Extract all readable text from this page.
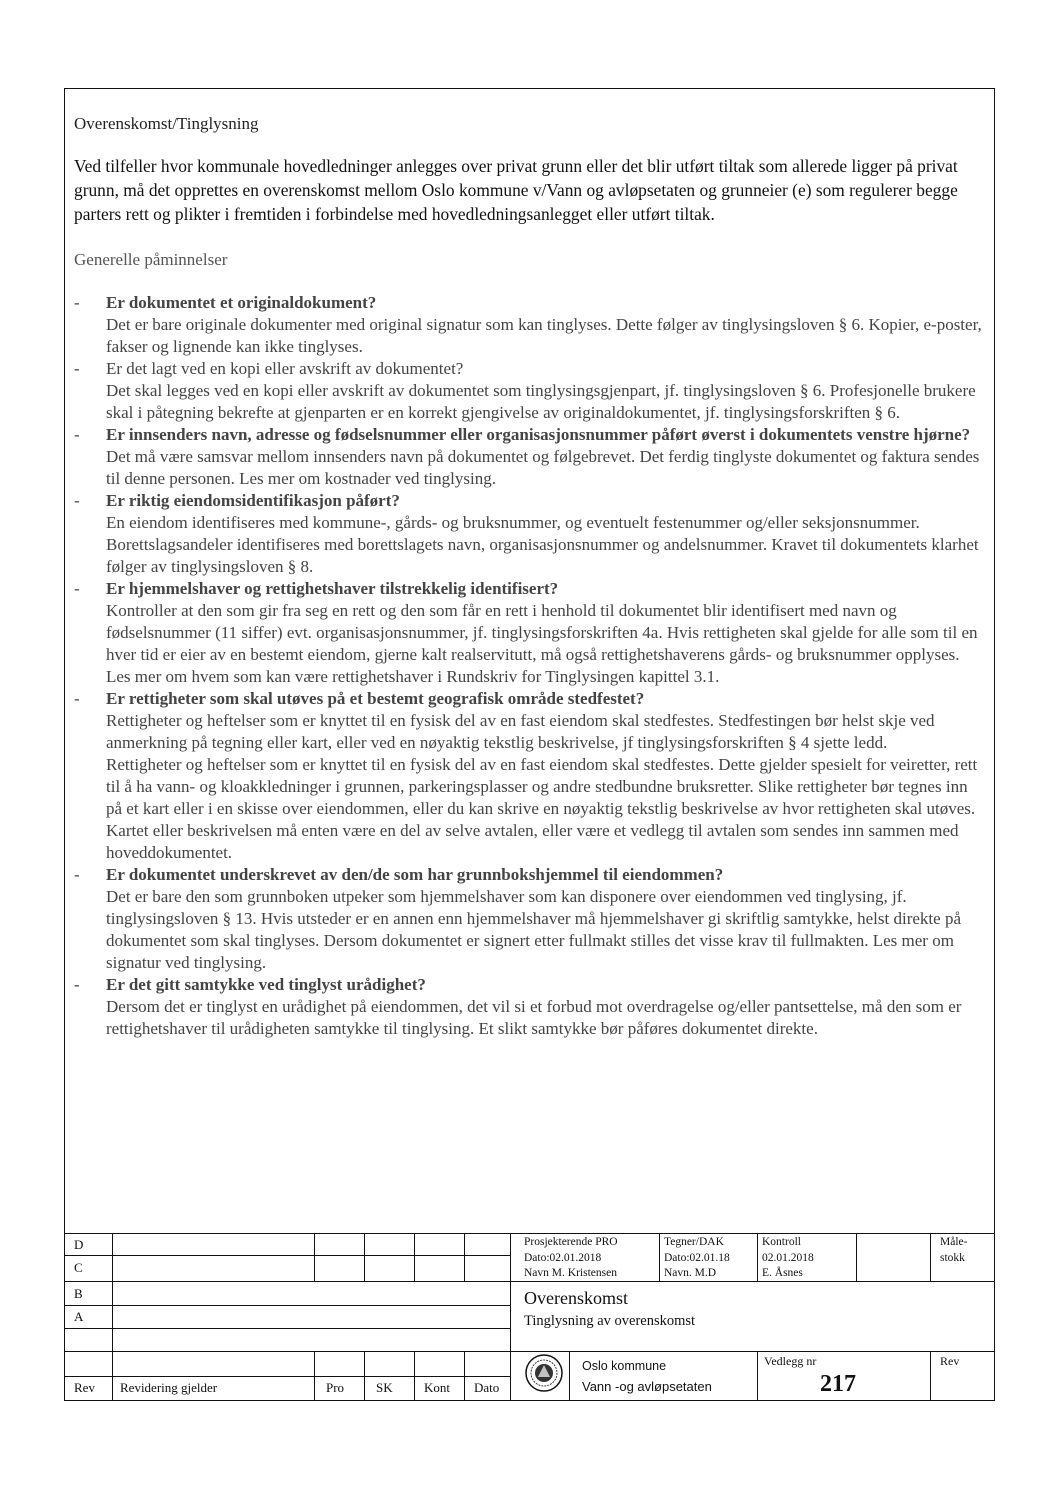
Overenskomst/Tinglysning
Ved tilfeller hvor kommunale hovedledninger anlegges over privat grunn eller det blir utført tiltak som allerede ligger på privat grunn, må det opprettes en overenskomst mellom Oslo kommune v/Vann og avløpsetaten og grunneier (e) som regulerer begge parters rett og plikter i fremtiden i forbindelse med hovedledningsanlegget eller utført tiltak.
Generelle påminnelser
- Er dokumentet et originaldokument?
Det er bare originale dokumenter med original signatur som kan tinglyses. Dette følger av tinglysingsloven § 6. Kopier, e-poster, fakser og lignende kan ikke tinglyses.
- Er det lagt ved en kopi eller avskrift av dokumentet?
Det skal legges ved en kopi eller avskrift av dokumentet som tinglysingsgjenpart, jf. tinglysingsloven § 6. Profesjonelle brukere skal i påtegning bekrefte at gjenparten er en korrekt gjengivelse av originaldokumentet, jf. tinglysingsforskriften § 6.
- Er innsenders navn, adresse og fødselsnummer eller organisasjonsnummer påført øverst i dokumentets venstre hjørne?
Det må være samsvar mellom innsenders navn på dokumentet og følgebrevet. Det ferdig tinglyste dokumentet og faktura sendes til denne personen. Les mer om kostnader ved tinglysing.
- Er riktig eiendomsidentifikasjon påført?
En eiendom identifiseres med kommune-, gårds- og bruksnummer, og eventuelt festenummer og/eller seksjonsnummer. Borettslagsandeler identifiseres med borettslagets navn, organisasjonsnummer og andelsnummer. Kravet til dokumentets klarhet følger av tinglysingsloven § 8.
- Er hjemmelshaver og rettighetshaver tilstrekkelig identifisert?
Kontroller at den som gir fra seg en rett og den som får en rett i henhold til dokumentet blir identifisert med navn og fødselsnummer (11 siffer) evt. organisasjonsnummer, jf. tinglysingsforskriften 4a. Hvis rettigheten skal gjelde for alle som til en hver tid er eier av en bestemt eiendom, gjerne kalt realservitutt, må også rettighetshaverens gårds- og bruksnummer opplyses. Les mer om hvem som kan være rettighetshaver i Rundskriv for Tinglysingen kapittel 3.1.
- Er rettigheter som skal utøves på et bestemt geografisk område stedfestet?
Rettigheter og heftelser som er knyttet til en fysisk del av en fast eiendom skal stedfestes. Stedfestingen bør helst skje ved anmerkning på tegning eller kart, eller ved en nøyaktig tekstlig beskrivelse, jf tinglysingsforskriften § 4 sjette ledd.
Rettigheter og heftelser som er knyttet til en fysisk del av en fast eiendom skal stedfestes. Dette gjelder spesielt for veiretter, rett til å ha vann- og kloakkledninger i grunnen, parkeringsplasser og andre stedbundne bruksretter. Slike rettigheter bør tegnes inn på et kart eller i en skisse over eiendommen, eller du kan skrive en nøyaktig tekstlig beskrivelse av hvor rettigheten skal utøves. Kartet eller beskrivelsen må enten være en del av selve avtalen, eller være et vedlegg til avtalen som sendes inn sammen med hoveddokumentet.
- Er dokumentet underskrevet av den/de som har grunnbokshjemmel til eiendommen?
Det er bare den som grunnboken utpeker som hjemmelshaver som kan disponere over eiendommen ved tinglysing, jf. tinglysingsloven § 13. Hvis utsteder er en annen enn hjemmelshaver må hjemmelshaver gi skriftlig samtykke, helst direkte på dokumentet som skal tinglyses. Dersom dokumentet er signert etter fullmakt stilles det visse krav til fullmakten. Les mer om signatur ved tinglysing.
- Er det gitt samtykke ved tinglyst urådighet?
Dersom det er tinglyst en urådighet på eiendommen, det vil si et forbud mot overdragelse og/eller pantsettelse, må den som er rettighetshaver til urådigheten samtykke til tinglysing. Et slikt samtykke bør påføres dokumentet direkte.
D
C
B
A
Rev Revidering gjelder	Pro SK Kont Dato
Prosjekterende PRO
Dato:02.01.2018
Navn M. Kristensen
Tegner/DAK
Dato:02.01.18
Navn. M.D
Kontroll
02.01.2018
E. Åsnes
Måle-
stokk
Overenskomst
Tinglysning av overenskomst
Oslo kommune
Vann -og avløpsetaten
Vedlegg nr
217
Rev
